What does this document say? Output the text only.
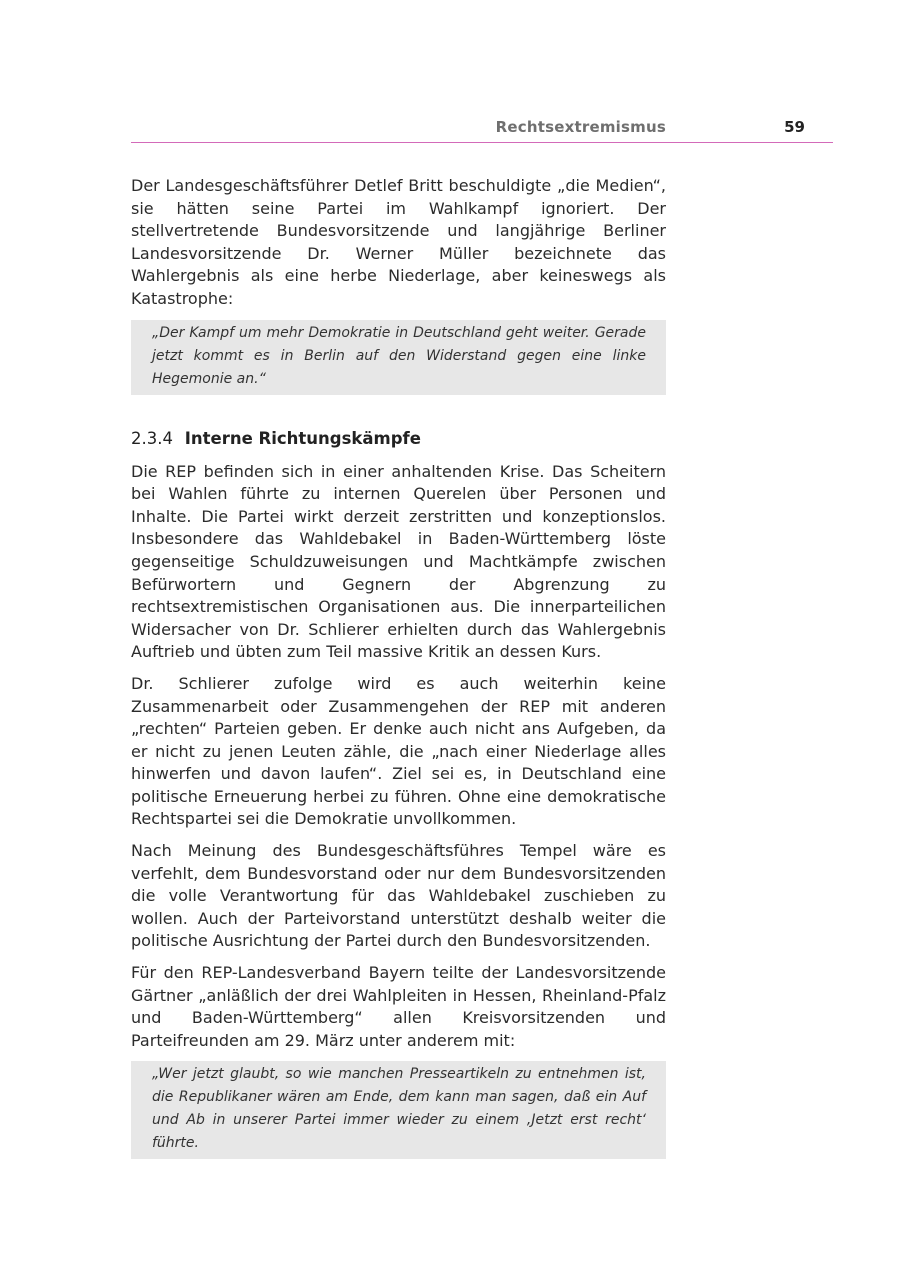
Rechtsextremismus	59

Der Landesgeschäftsführer Detlef Britt beschuldigte „die Medien“, sie hätten seine Partei im Wahlkampf ignoriert. Der stellvertretende Bundesvorsitzende und langjährige Berliner Landesvorsitzende Dr. Werner Müller bezeichnete das Wahlergebnis als eine herbe Niederlage, aber keineswegs als Katastrophe:

„Der Kampf um mehr Demokratie in Deutschland geht weiter. Gerade jetzt kommt es in Berlin auf den Widerstand gegen eine linke Hegemonie an.“

2.3.4 Interne Richtungskämpfe

Die REP befinden sich in einer anhaltenden Krise. Das Scheitern bei Wahlen führte zu internen Querelen über Personen und Inhalte. Die Partei wirkt derzeit zerstritten und konzeptionslos. Insbesondere das Wahldebakel in Baden-Württemberg löste gegenseitige Schuldzuweisungen und Machtkämpfe zwischen Befürwortern und Gegnern der Abgrenzung zu rechtsextremistischen Organisationen aus. Die innerparteilichen Widersacher von Dr. Schlierer erhielten durch das Wahlergebnis Auftrieb und übten zum Teil massive Kritik an dessen Kurs.

Dr. Schlierer zufolge wird es auch weiterhin keine Zusammenarbeit oder Zusammengehen der REP mit anderen „rechten“ Parteien geben. Er denke auch nicht ans Aufgeben, da er nicht zu jenen Leuten zähle, die „nach einer Niederlage alles hinwerfen und davon laufen“. Ziel sei es, in Deutschland eine politische Erneuerung herbei zu führen. Ohne eine demokratische Rechtspartei sei die Demokratie unvollkommen.

Nach Meinung des Bundesgeschäftsführes Tempel wäre es verfehlt, dem Bundesvorstand oder nur dem Bundesvorsitzenden die volle Verantwortung für das Wahldebakel zuschieben zu wollen. Auch der Parteivorstand unterstützt deshalb weiter die politische Ausrichtung der Partei durch den Bundesvorsitzenden.

Für den REP-Landesverband Bayern teilte der Landesvorsitzende Gärtner „anläßlich der drei Wahlpleiten in Hessen, Rheinland-Pfalz und Baden-Württemberg“ allen Kreisvorsitzenden und Parteifreunden am 29. März unter anderem mit:

„Wer jetzt glaubt, so wie manchen Presseartikeln zu entnehmen ist, die Republikaner wären am Ende, dem kann man sagen, daß ein Auf und Ab in unserer Partei immer wieder zu einem ‚Jetzt erst recht‘ führte.
